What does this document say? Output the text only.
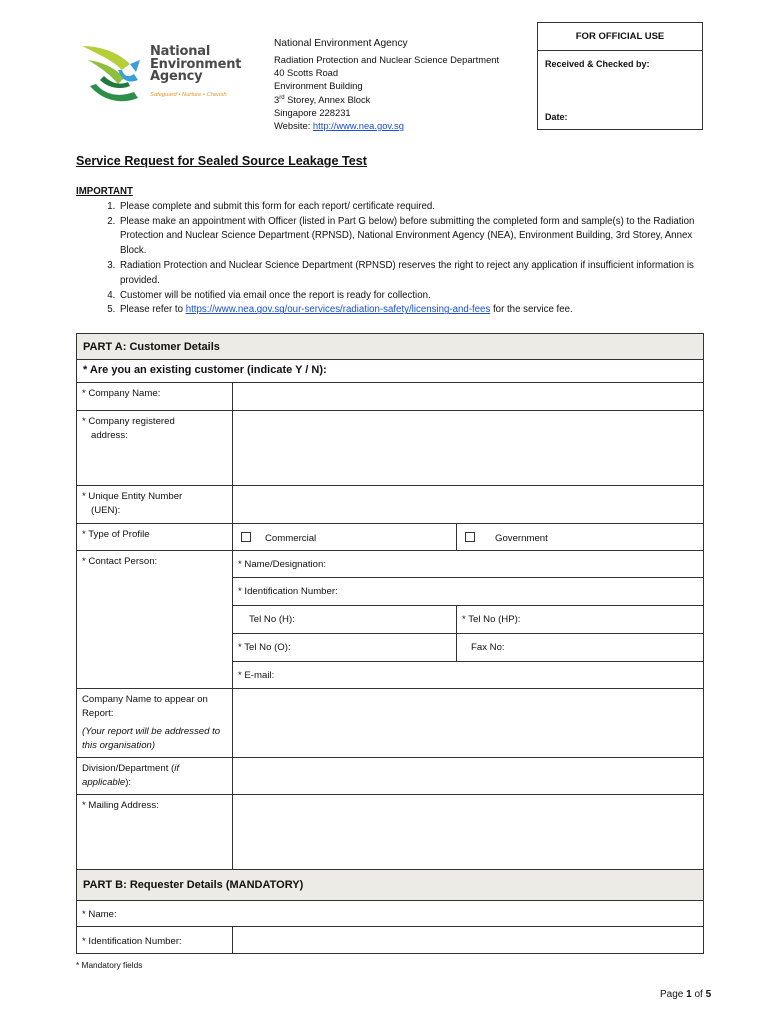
National
Environment
Agency
Safeguard • Nurture • Cherish
National Environment Agency
Radiation Protection and Nuclear Science Department
40 Scotts Road
Environment Building
3rd Storey, Annex Block
Singapore 228231
Website: http://www.nea.gov.sg
FOR OFFICIAL USE
Received & Checked by:
Date:
Service Request for Sealed Source Leakage Test
IMPORTANT
1. Please complete and submit this form for each report/ certificate required.
2. Please make an appointment with Officer (listed in Part G below) before submitting the completed form and sample(s) to the Radiation Protection and Nuclear Science Department (RPNSD), National Environment Agency (NEA), Environment Building, 3rd Storey, Annex Block.
3. Radiation Protection and Nuclear Science Department (RPNSD) reserves the right to reject any application if insufficient information is provided.
4. Customer will be notified via email once the report is ready for collection.
5. Please refer to https://www.nea.gov.sg/our-services/radiation-safety/licensing-and-fees for the service fee.
PART A: Customer Details		
* Are you an existing customer (indicate Y / N):		
* Company Name:		

* Company registered
address:		

* Unique Entity Number
(UEN):		

* Type of Profile	Commercial	Government
* Contact Person:	* Name/Designation:	
	* Identification Number:	
	Tel No (H):	* Tel No (HP):
	* Tel No (O):	Fax No:
	* E-mail:	

Company Name to appear on Report:
(Your report will be addressed to this organisation)		

Division/Department (if applicable):		
* Mailing Address:		
PART B: Requester Details (MANDATORY)		
* Name:		
* Identification Number:		
* Mandatory fields
Page 1 of 5
